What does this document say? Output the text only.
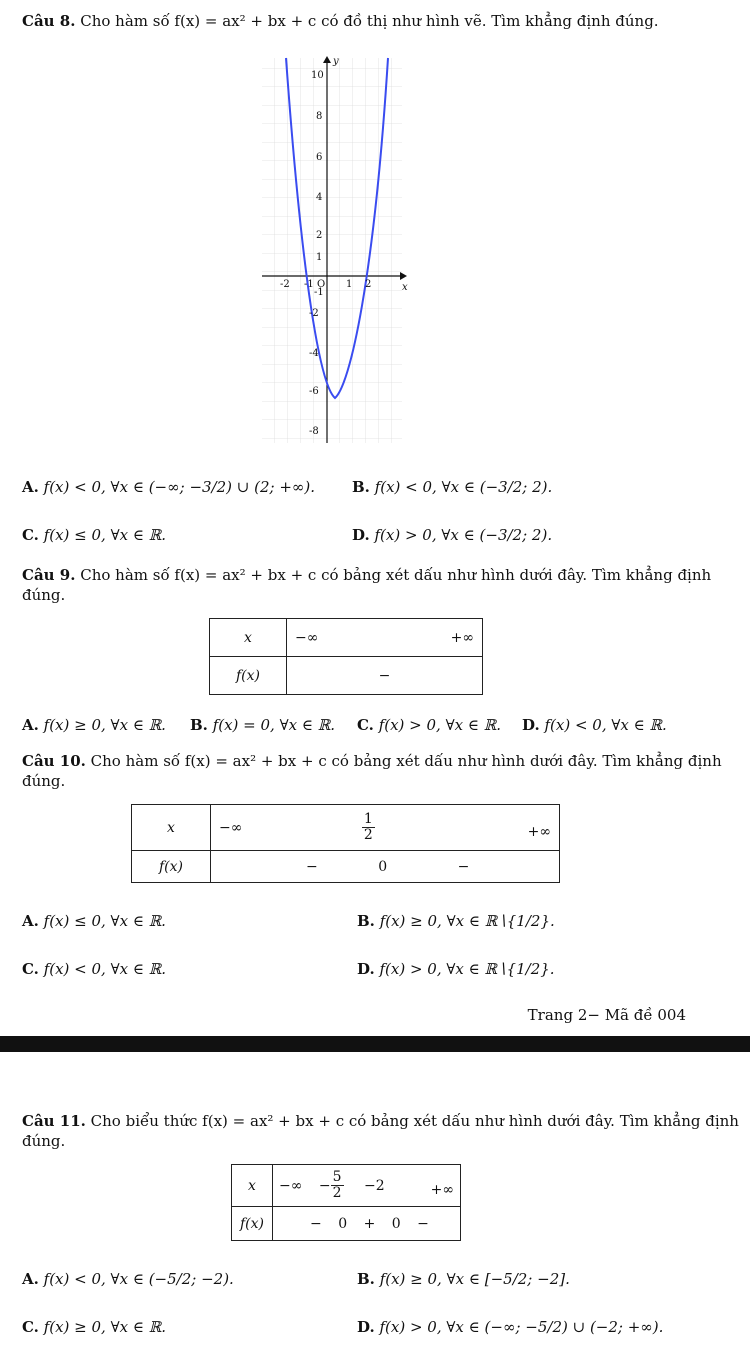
Câu 8. Cho hàm số f(x) = ax² + bx + c có đồ thị như hình vẽ. Tìm khẳng định đúng.
10
8
6
4
2
1
-1
-2
-4
-6
-8
-2 -1 O 1 2	x
y
A. f(x) < 0, ∀x ∈ (−∞; −3/2) ∪ (2; +∞). B. f(x) < 0, ∀x ∈ (−3/2; 2).
C. f(x) ≤ 0, ∀x ∈ ℝ.	D. f(x) > 0, ∀x ∈ (−3/2; 2).
Câu 9. Cho hàm số f(x) = ax² + bx + c có bảng xét dấu như hình dưới đây. Tìm khẳng định
đúng.
x	−∞ +∞

f(x)	−
A. f(x) ≥ 0, ∀x ∈ ℝ. B. f(x) = 0, ∀x ∈ ℝ. C. f(x) > 0, ∀x ∈ ℝ. D. f(x) < 0, ∀x ∈ ℝ.
Câu 10. Cho hàm số f(x) = ax² + bx + c có bảng xét dấu như hình dưới đây. Tìm khẳng định
đúng.
x	−∞ $\frac{1}{2}$ +∞

f(x)	− 0 −
A. f(x) ≤ 0, ∀x ∈ ℝ.	B. f(x) ≥ 0, ∀x ∈ ℝ∖{1/2}.
C. f(x) < 0, ∀x ∈ ℝ.	D. f(x) > 0, ∀x ∈ ℝ∖{1/2}.
Trang 2− Mã đề 004
Câu 11. Cho biểu thức f(x) = ax² + bx + c có bảng xét dấu như hình dưới đây. Tìm khẳng định
đúng.
x	−∞ − $\frac{5}{2} -2$ +∞

f(x)	− 0 + 0 −
A. f(x) < 0, ∀x ∈ (−5/2; −2).	B. f(x) ≥ 0, ∀x ∈ [−5/2; −2].
C. f(x) ≥ 0, ∀x ∈ ℝ.	D. f(x) > 0, ∀x ∈ (−∞; −5/2) ∪ (−2; +∞).
